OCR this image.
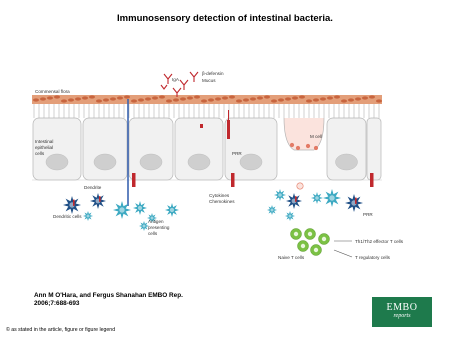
Immunosensory detection of intestinal bacteria.
IgA
β-defensin
Mucus
Commensal flora
Intestinal
epithelial
cells
M cell
PRR
Dendrite
Cytokines
Chemokines
Dendritic cells
Antigen
presenting
cells
PRR
Th1/Th2 effector T cells
Naive T cells	T regulatory cells
Ann M O'Hara, and Fergus Shanahan EMBO Rep.
2006;7:688-693
© as stated in the article, figure or figure legend
EMBO
reports
